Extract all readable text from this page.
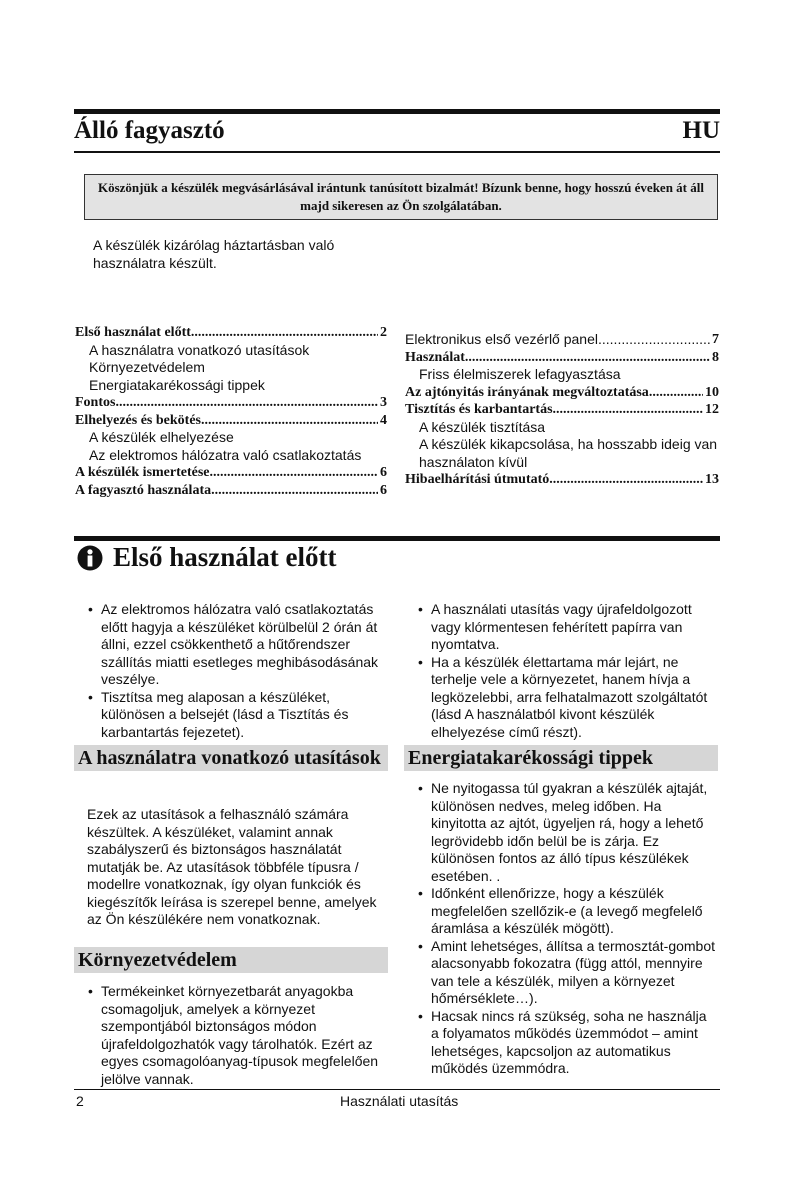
Álló fagyasztó	HU
Köszönjük a készülék megvásárlásával irántunk tanúsított bizalmát! Bízunk benne, hogy hosszú éveken át áll majd sikeresen az Ön szolgálatában.
A készülék kizárólag háztartásban való használatra készült.
Első használat előtt .....	2
A használatra vonatkozó utasítások
Környezetvédelem
Energiatakarékossági tippek
Fontos .....	3
Elhelyezés és bekötés .....	4
A készülék elhelyezése
Az elektromos hálózatra való csatlakoztatás
A készülék ismertetése .....	6
A fagyasztó használata .....	6
Elektronikus első vezérlő panel .....	7
Használat .....	8
Friss élelmiszerek lefagyasztása
Az ajtónyitás irányának megváltoztatása .....	10
Tisztítás és karbantartás .....	12
A készülék tisztítása
A készülék kikapcsolása, ha hosszabb ideig van használaton kívül
Hibaelhárítási útmutató .....	13
Első használat előtt
• Az elektromos hálózatra való csatlakoztatás előtt hagyja a készüléket körülbelül 2 órán át állni, ezzel csökkenthető a hűtőrendszer szállítás miatti esetleges meghibásodásának veszélye.
• Tisztítsa meg alaposan a készüléket, különösen a belsejét (lásd a Tisztítás és karbantartás fejezetet).
• A használati utasítás vagy újrafeldolgozott vagy klórmentesen fehérített papírra van nyomtatva.
• Ha a készülék élettartama már lejárt, ne terhelje vele a környezetet, hanem hívja a legközelebbi, arra felhatalmazott szolgáltatót (lásd A használatból kivont készülék elhelyezése című részt).
A használatra vonatkozó utasítások
Ezek az utasítások a felhasználó számára készültek. A készüléket, valamint annak szabályszerű és biztonságos használatát mutatják be. Az utasítások többféle típusra / modellre vonatkoznak, így olyan funkciók és kiegészítők leírása is szerepel benne, amelyek az Ön készülékére nem vonatkoznak.
Környezetvédelem
• Termékeinket környezetbarát anyagokba csomagoljuk, amelyek a környezet szempontjából biztonságos módon újrafeldolgozhatók vagy tárolhatók. Ezért az egyes csomagolóanyag-típusok megfelelően jelölve vannak.
Energiatakarékossági tippek
• Ne nyitogassa túl gyakran a készülék ajtaját, különösen nedves, meleg időben. Ha kinyitotta az ajtót, ügyeljen rá, hogy a lehető legrövidebb időn belül be is zárja. Ez különösen fontos az álló típus készülékek esetében. .
• Időnként ellenőrizze, hogy a készülék megfelelően szellőzik-e (a levegő megfelelő áramlása a készülék mögött).
• Amint lehetséges, állítsa a termosztát-gombot alacsonyabb fokozatra (függ attól, mennyire van tele a készülék, milyen a környezet hőmérséklete…).
• Hacsak nincs rá szükség, soha ne használja a folyamatos működés üzemmódot – amint lehetséges, kapcsoljon az automatikus működés üzemmódra.
2	Használati utasítás
